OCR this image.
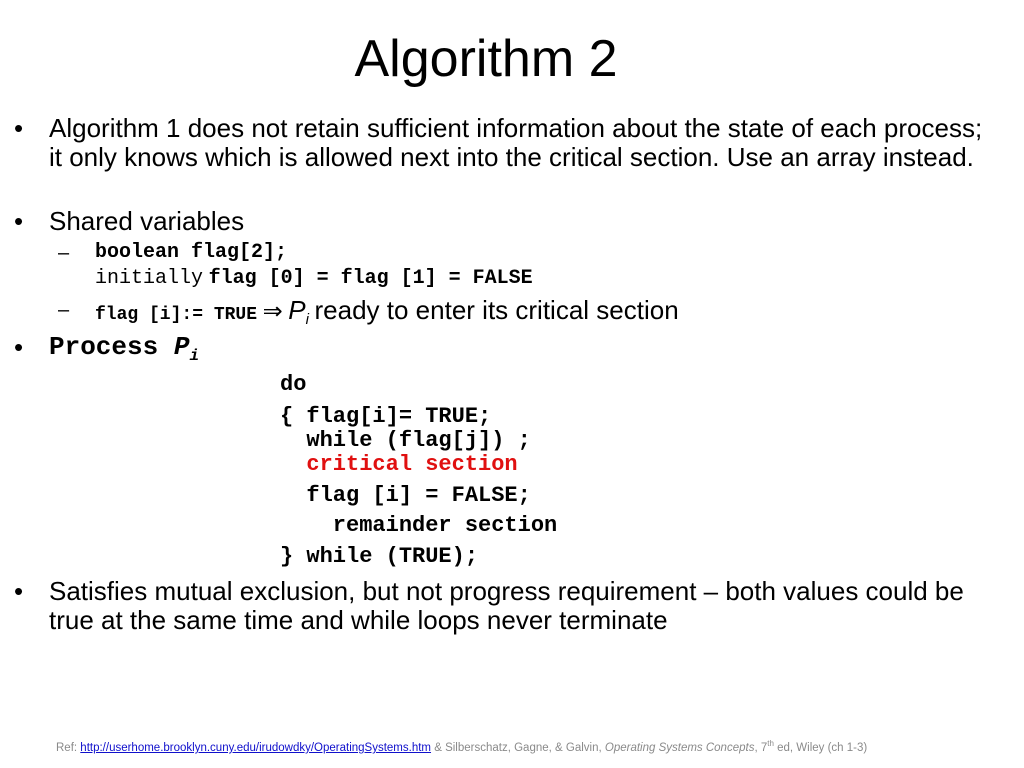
Algorithm 2
• Algorithm 1 does not retain sufficient information about the state of each process; it only knows which is allowed next into the critical section. Use an array instead.
• Shared variables
– boolean flag[2];
initially flag [0] = flag [1] = FALSE
– flag [i]:= TRUE ⇒ $P_i$ ready to enter its critical section
• Process $P_i$
do
{ flag[i]= TRUE;
while (flag[j]) ;
critical section
flag [i] = FALSE;
remainder section
} while (TRUE);
• Satisfies mutual exclusion, but not progress requirement – both values could be true at the same time and while loops never terminate
Ref: http://userhome.brooklyn.cuny.edu/irudowdky/OperatingSystems.htm & Silberschatz, Gagne, & Galvin, Operating Systems Concepts, 7th ed, Wiley (ch 1-3)
